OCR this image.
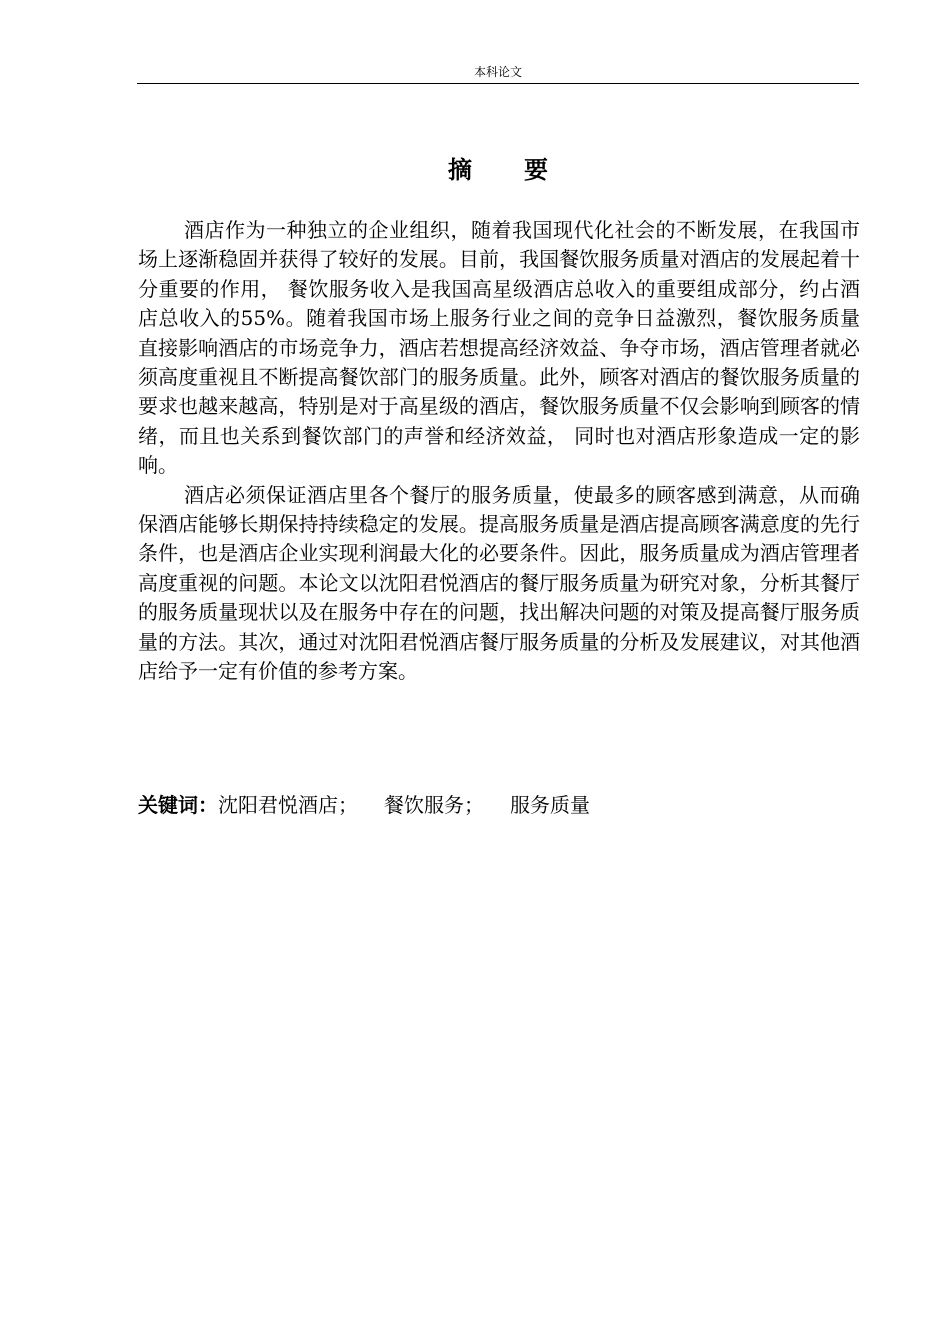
本科论文
摘 要

酒店作为一种独立的企业组织，随着我国现代化社会的不断发展，在我国市场上逐渐稳固并获得了较好的发展。目前，我国餐饮服务质量对酒店的发展起着十分重要的作用， 餐饮服务收入是我国高星级酒店总收入的重要组成部分，约占酒店总收入的55%。随着我国市场上服务行业之间的竞争日益激烈，餐饮服务质量直接影响酒店的市场竞争力，酒店若想提高经济效益、争夺市场，酒店管理者就必须高度重视且不断提高餐饮部门的服务质量。此外，顾客对酒店的餐饮服务质量的要求也越来越高，特别是对于高星级的酒店，餐饮服务质量不仅会影响到顾客的情绪，而且也关系到餐饮部门的声誉和经济效益， 同时也对酒店形象造成一定的影响。

酒店必须保证酒店里各个餐厅的服务质量，使最多的顾客感到满意，从而确保酒店能够长期保持持续稳定的发展。提高服务质量是酒店提高顾客满意度的先行条件，也是酒店企业实现利润最大化的必要条件。因此，服务质量成为酒店管理者高度重视的问题。本论文以沈阳君悦酒店的餐厅服务质量为研究对象，分析其餐厅的服务质量现状以及在服务中存在的问题，找出解决问题的对策及提高餐厅服务质量的方法。其次，通过对沈阳君悦酒店餐厅服务质量的分析及发展建议，对其他酒店给予一定有价值的参考方案。

关键词：沈阳君悦酒店； 餐饮服务； 服务质量
